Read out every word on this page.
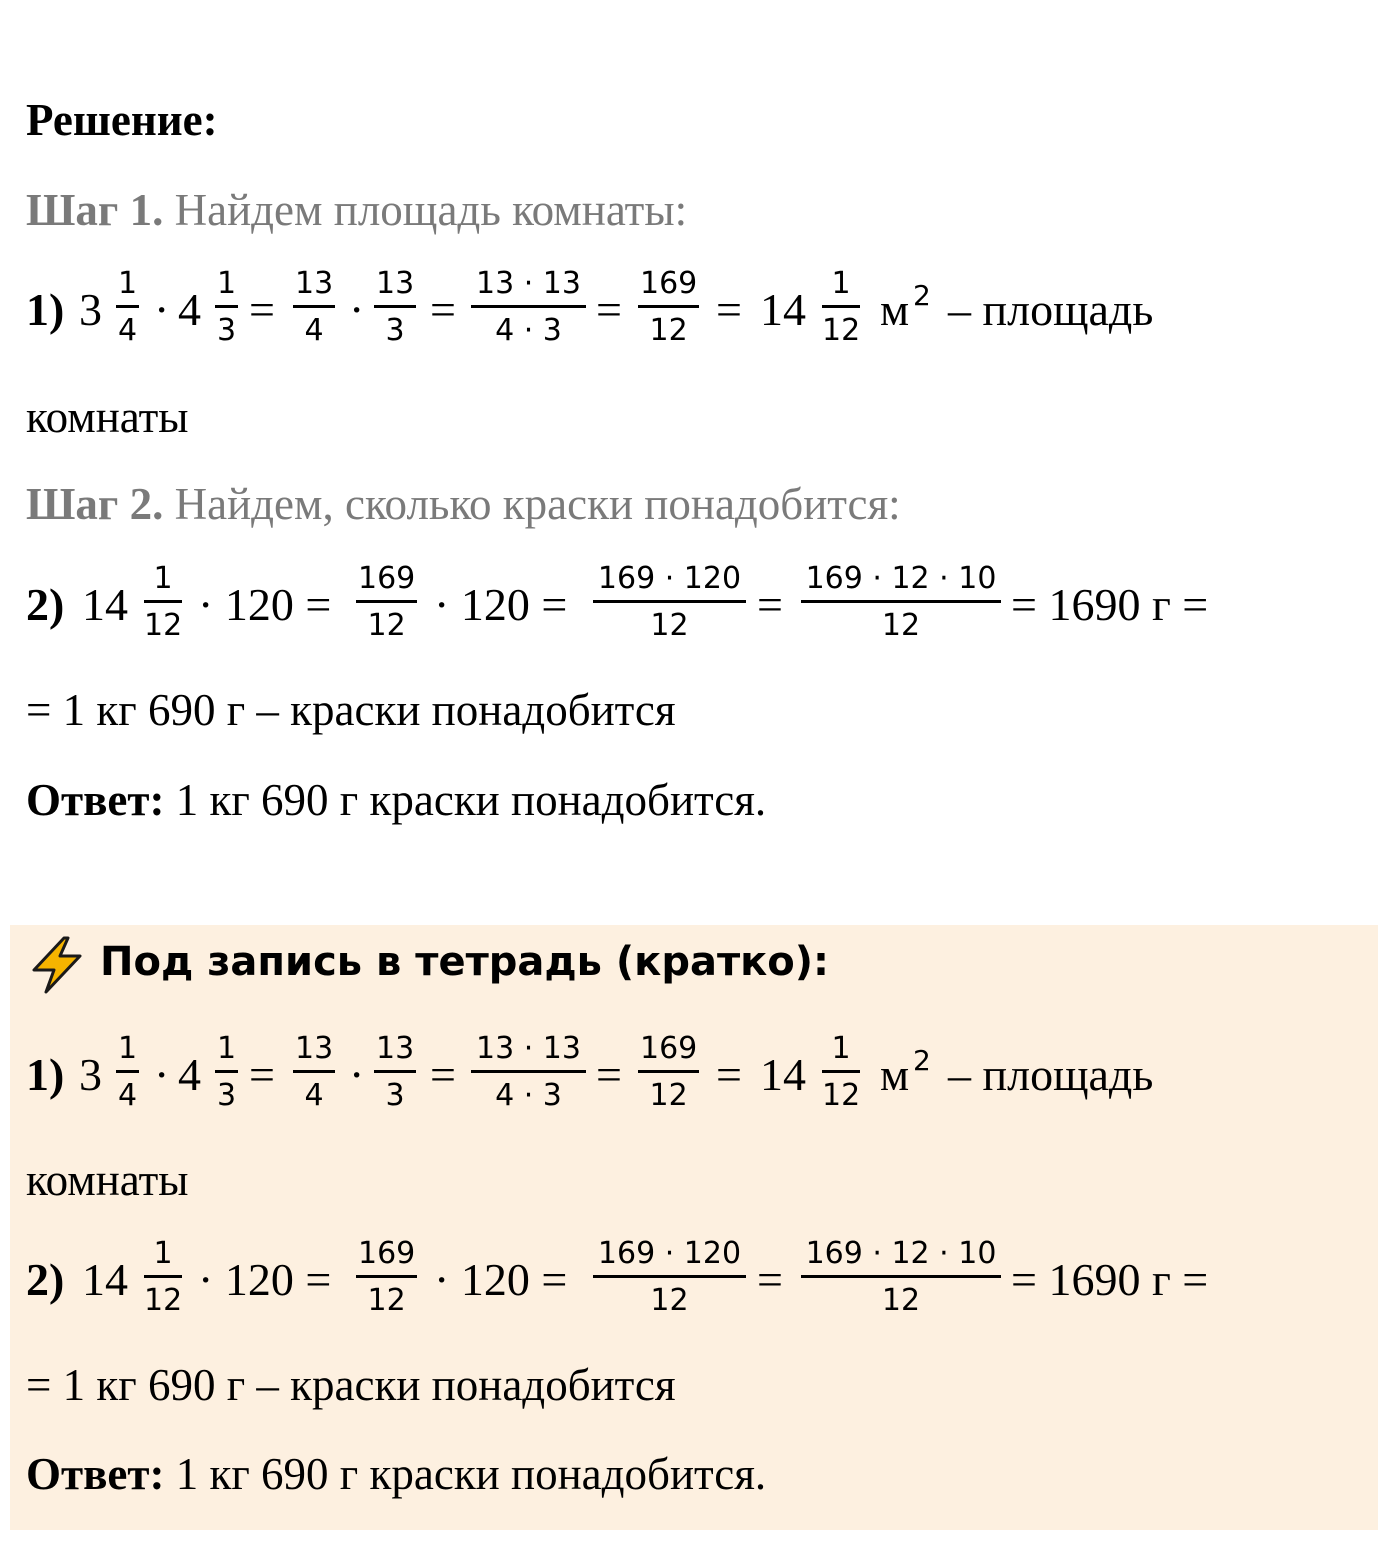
Решение:
Шаг 1. Найдем площадь комнаты:
1) 3
1
4 · 4
1
3 =
13
4 ·
13
3 =
13 · 13
4 · 3 =
169
12 = 14
1
12 м 2 – площадь
комнаты
Шаг 2. Найдем, сколько краски понадобится:
2) 14
1
12 · 120 =
169
12 · 120 =
169 · 120
12	=
169 · 12 · 10
12	= 1690 г =
= 1 кг 690 г – краски понадобится
Ответ: 1 кг 690 г краски понадобится.
Под запись в тетрадь (кратко):
1) 3
1
4 · 4
1
3 =
13
4 ·
13
3 =
13 · 13
4 · 3 =
169
12 = 14
1
12 м 2 – площадь
комнаты
2) 14
1
12 · 120 =
169
12 · 120 =
169 · 120
12	=
169 · 12 · 10
12	= 1690 г =
= 1 кг 690 г – краски понадобится
Ответ: 1 кг 690 г краски понадобится.
